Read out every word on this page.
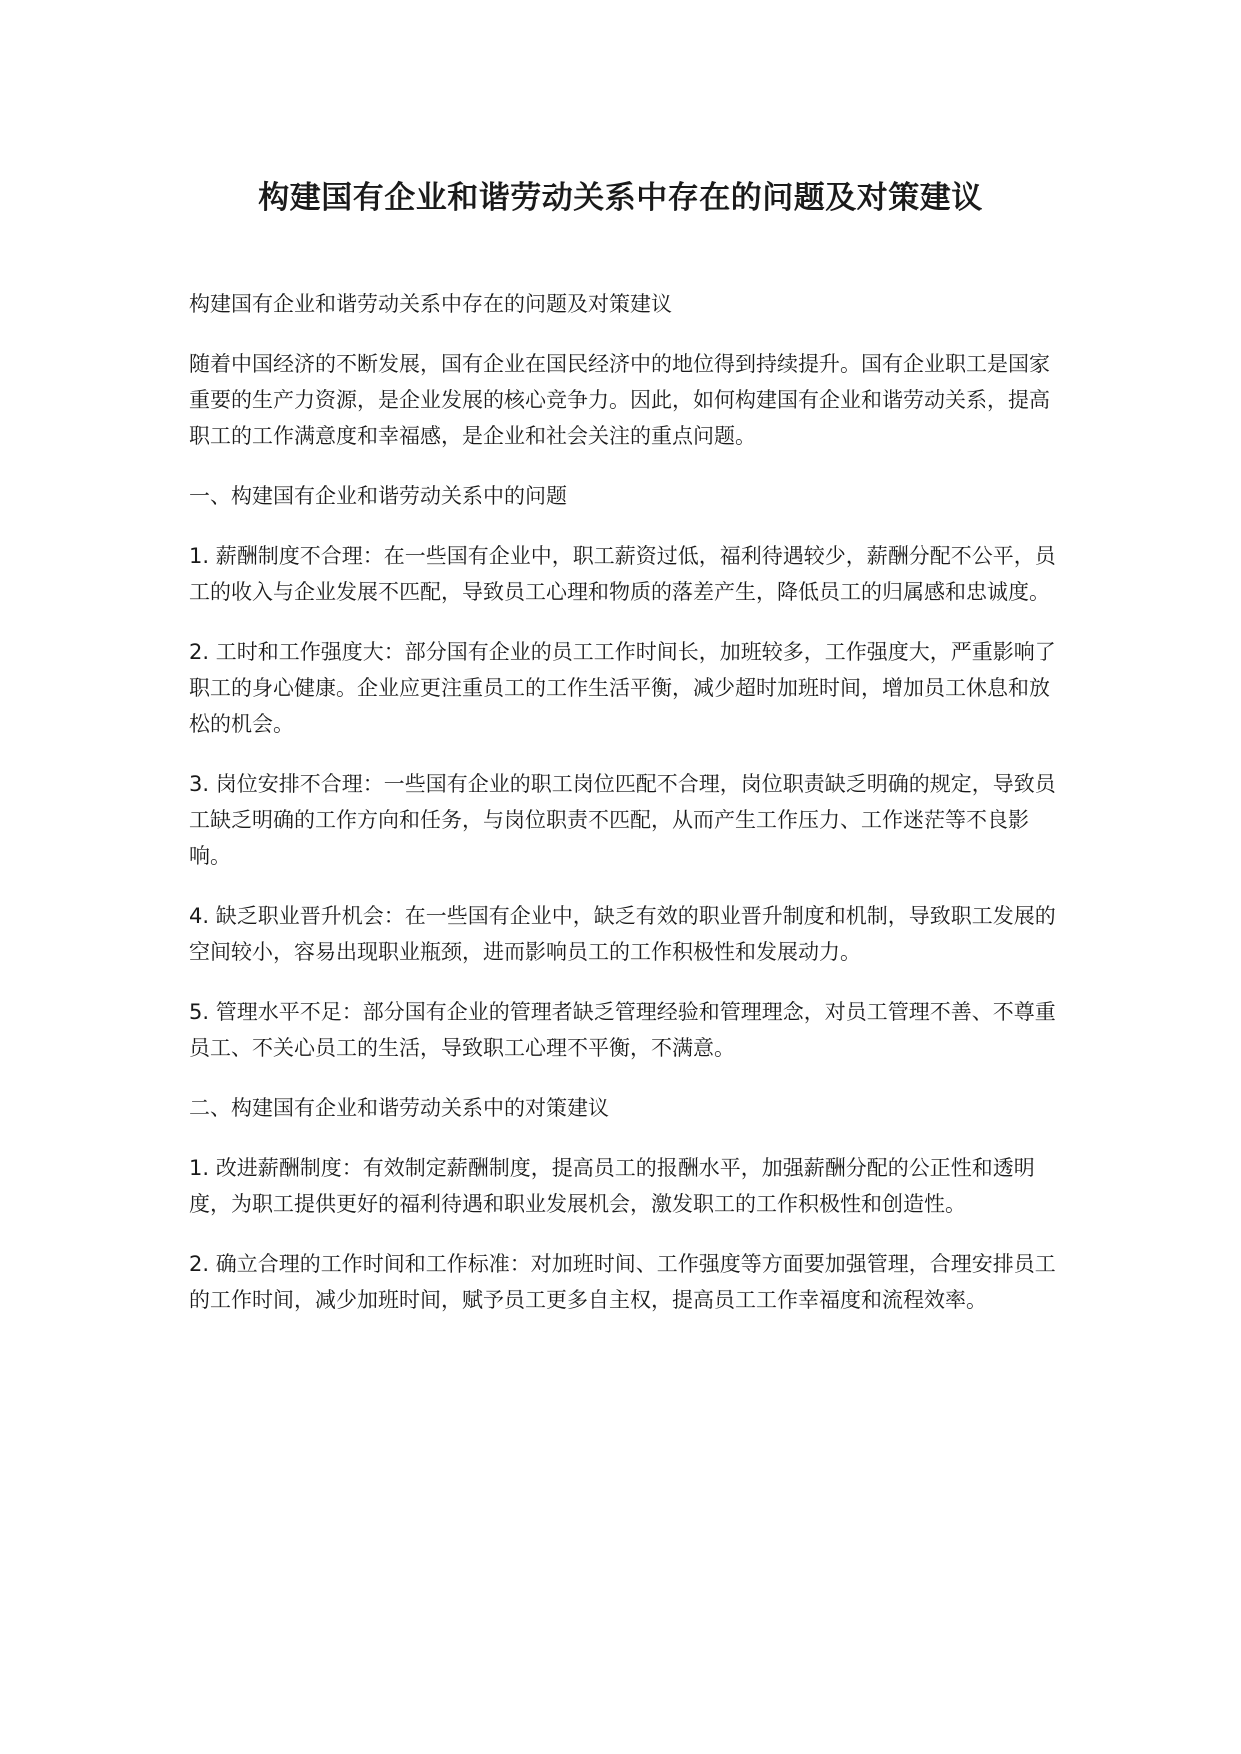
构建国有企业和谐劳动关系中存在的问题及对策建议

构建国有企业和谐劳动关系中存在的问题及对策建议

随着中国经济的不断发展，国有企业在国民经济中的地位得到持续提升。国有企业职工是国家重要的生产力资源，是企业发展的核心竞争力。因此，如何构建国有企业和谐劳动关系，提高职工的工作满意度和幸福感，是企业和社会关注的重点问题。

一、构建国有企业和谐劳动关系中的问题

1. 薪酬制度不合理：在一些国有企业中，职工薪资过低，福利待遇较少，薪酬分配不公平，员工的收入与企业发展不匹配，导致员工心理和物质的落差产生，降低员工的归属感和忠诚度。

2. 工时和工作强度大：部分国有企业的员工工作时间长，加班较多，工作强度大，严重影响了职工的身心健康。企业应更注重员工的工作生活平衡，减少超时加班时间，增加员工休息和放松的机会。

3. 岗位安排不合理：一些国有企业的职工岗位匹配不合理，岗位职责缺乏明确的规定，导致员工缺乏明确的工作方向和任务，与岗位职责不匹配，从而产生工作压力、工作迷茫等不良影响。

4. 缺乏职业晋升机会：在一些国有企业中，缺乏有效的职业晋升制度和机制，导致职工发展的空间较小，容易出现职业瓶颈，进而影响员工的工作积极性和发展动力。

5. 管理水平不足：部分国有企业的管理者缺乏管理经验和管理理念，对员工管理不善、不尊重员工、不关心员工的生活，导致职工心理不平衡，不满意。

二、构建国有企业和谐劳动关系中的对策建议

1. 改进薪酬制度：有效制定薪酬制度，提高员工的报酬水平，加强薪酬分配的公正性和透明度，为职工提供更好的福利待遇和职业发展机会，激发职工的工作积极性和创造性。

2. 确立合理的工作时间和工作标准：对加班时间、工作强度等方面要加强管理，合理安排员工的工作时间，减少加班时间，赋予员工更多自主权，提高员工工作幸福度和流程效率。
